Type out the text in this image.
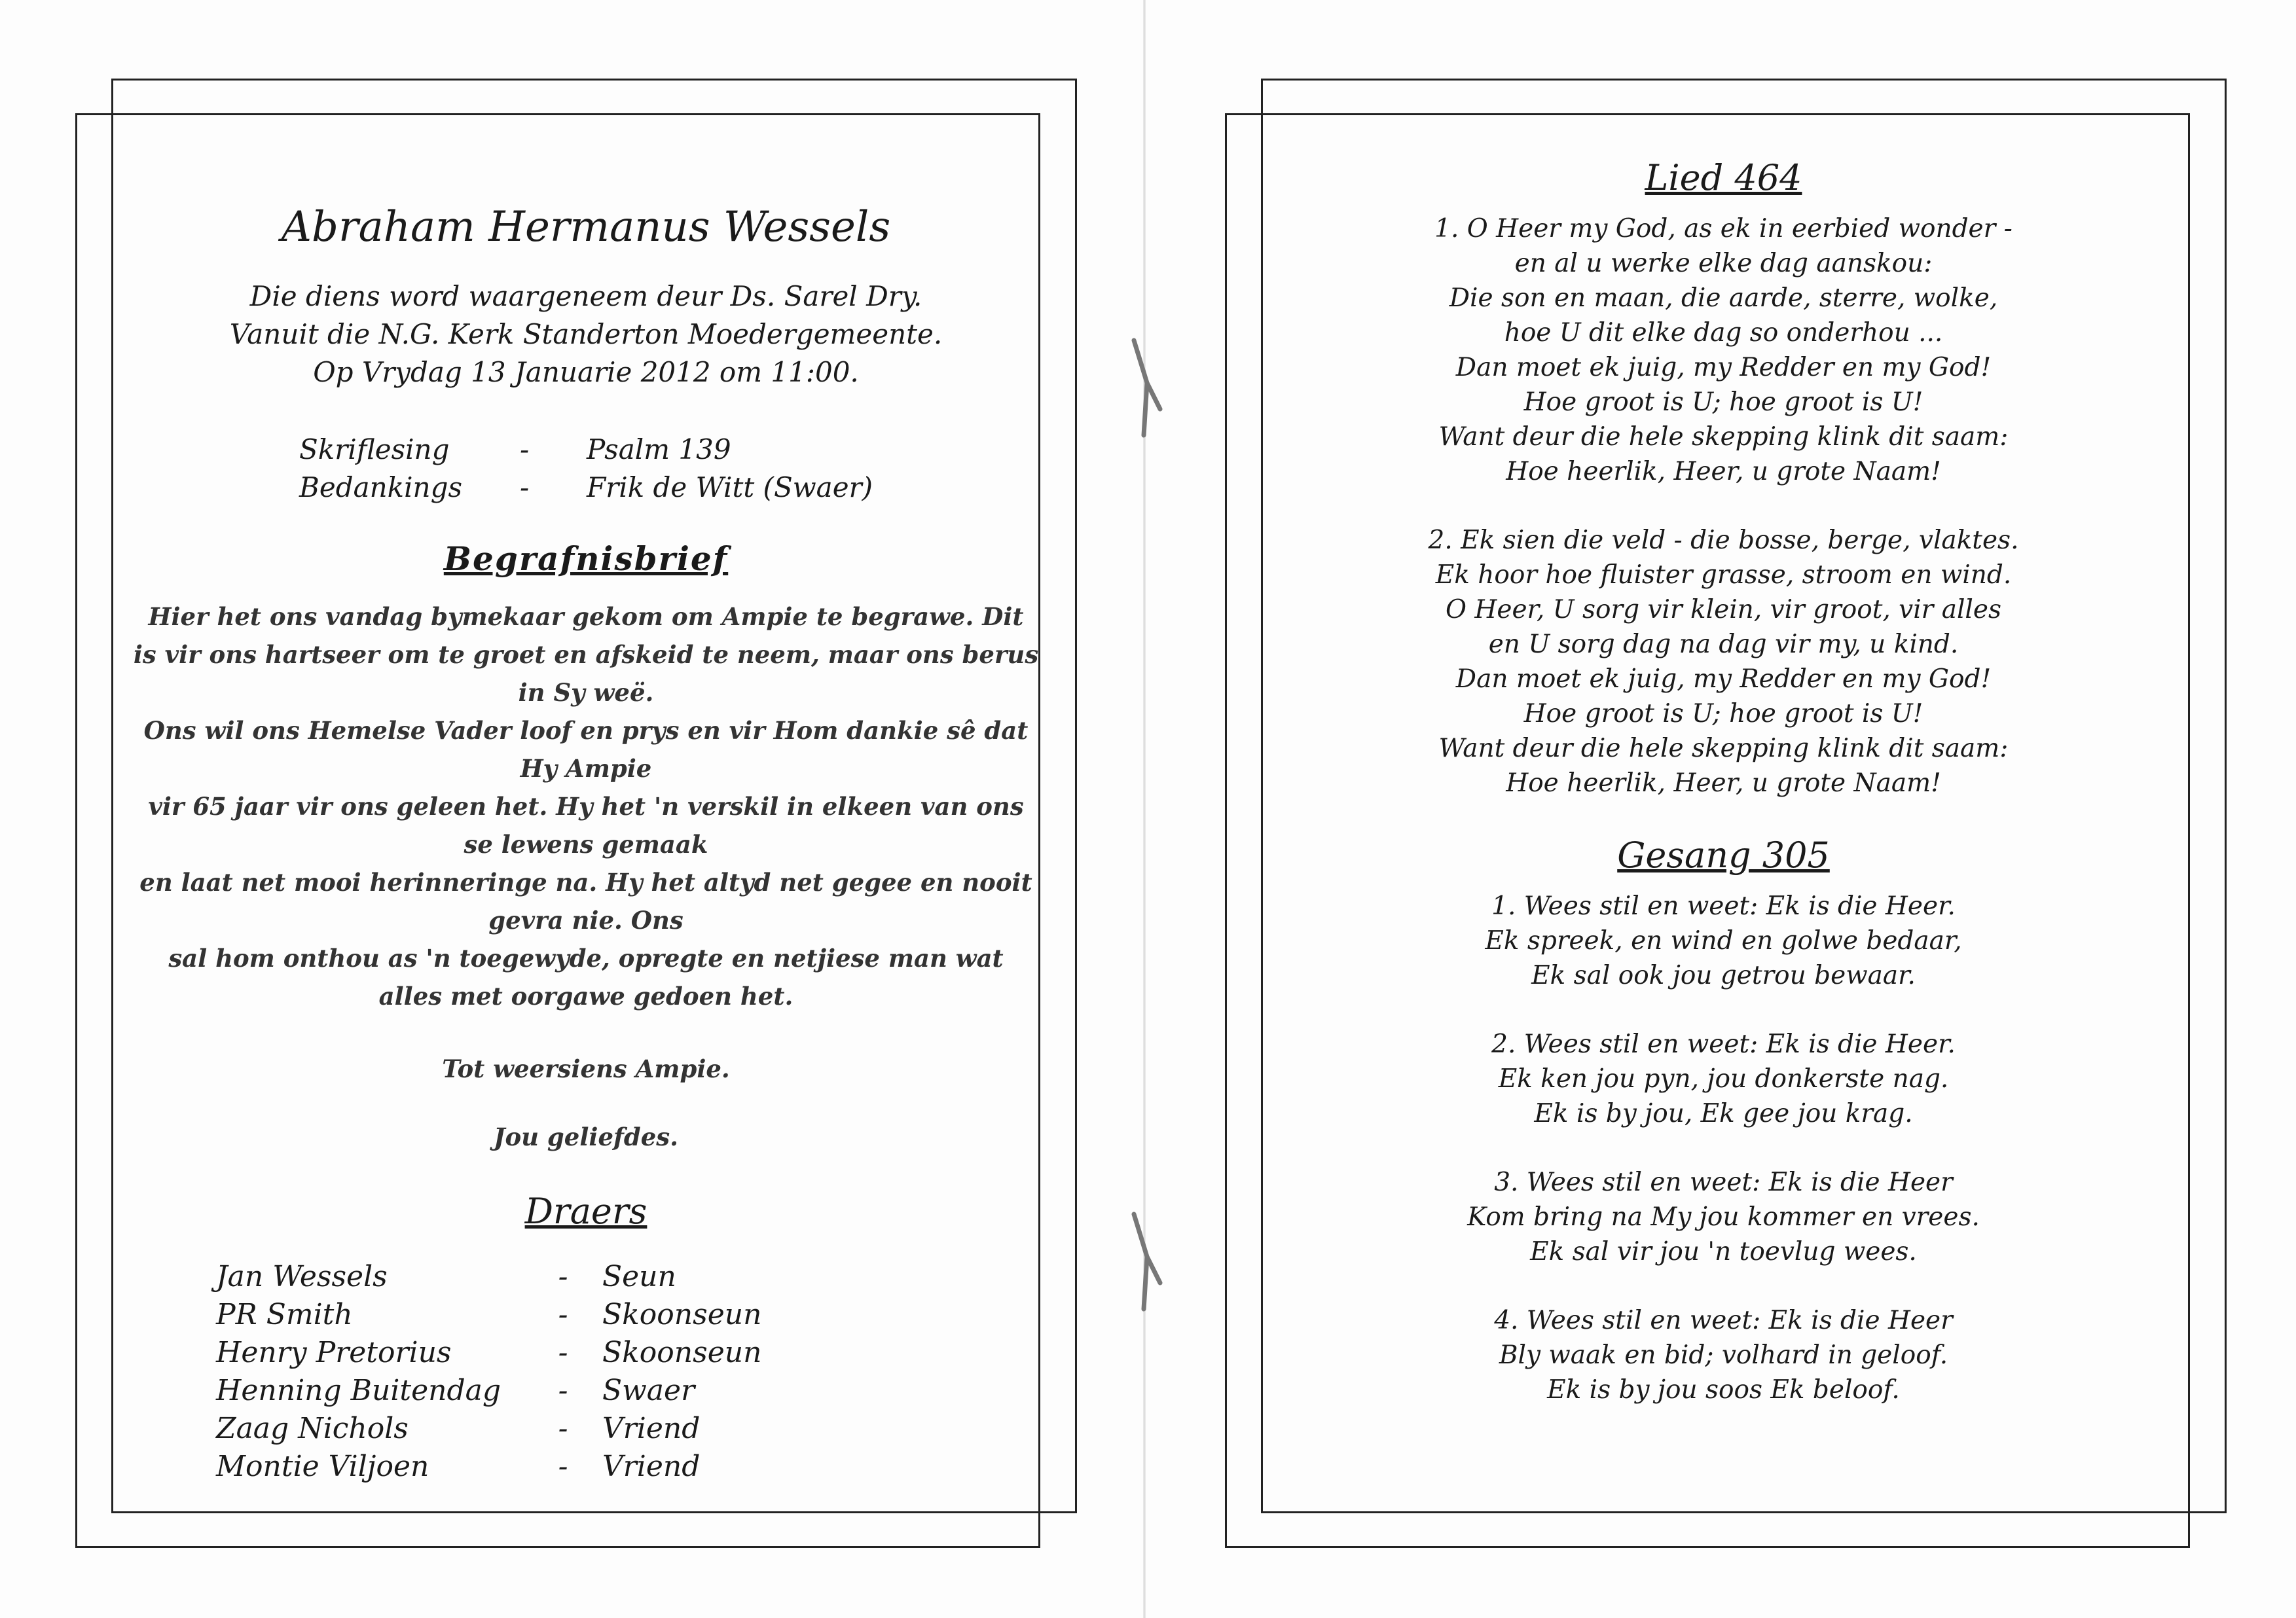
Abraham Hermanus Wessels
Die diens word waargeneem deur Ds. Sarel Dry.
Vanuit die N.G. Kerk Standerton Moedergemeente.
Op Vrydag 13 Januarie 2012 om 11:00.
Skriflesing	-	Psalm 139
Bedankings	-	Frik de Witt (Swaer)
Begrafnisbrief
Hier het ons vandag bymekaar gekom om Ampie te begrawe. Dit
is vir ons hartseer om te groet en afskeid te neem, maar ons berus in Sy weë.
Ons wil ons Hemelse Vader loof en prys en vir Hom dankie sê dat Hy Ampie
vir 65 jaar vir ons geleen het. Hy het 'n verskil in elkeen van ons se lewens gemaak
en laat net mooi herinneringe na. Hy het altyd net gegee en nooit gevra nie. Ons
sal hom onthou as 'n toegewyde, opregte en netjiese man wat
alles met oorgawe gedoen het.
Tot weersiens Ampie.
Jou geliefdes.
Draers
Jan Wessels	-	Seun
PR Smith	-	Skoonseun
Henry Pretorius	-	Skoonseun
Henning Buitendag	-	Swaer
Zaag Nichols	-	Vriend
Montie Viljoen	-	Vriend
Lied 464
1. O Heer my God, as ek in eerbied wonder -
en al u werke elke dag aanskou:
Die son en maan, die aarde, sterre, wolke,
hoe U dit elke dag so onderhou ...
Dan moet ek juig, my Redder en my God!
Hoe groot is U; hoe groot is U!
Want deur die hele skepping klink dit saam:
Hoe heerlik, Heer, u grote Naam!
2. Ek sien die veld - die bosse, berge, vlaktes.
Ek hoor hoe fluister grasse, stroom en wind.
O Heer, U sorg vir klein, vir groot, vir alles
en U sorg dag na dag vir my, u kind.
Dan moet ek juig, my Redder en my God!
Hoe groot is U; hoe groot is U!
Want deur die hele skepping klink dit saam:
Hoe heerlik, Heer, u grote Naam!
Gesang 305
1. Wees stil en weet: Ek is die Heer.
Ek spreek, en wind en golwe bedaar,
Ek sal ook jou getrou bewaar.
2. Wees stil en weet: Ek is die Heer.
Ek ken jou pyn, jou donkerste nag.
Ek is by jou, Ek gee jou krag.
3. Wees stil en weet: Ek is die Heer
Kom bring na My jou kommer en vrees.
Ek sal vir jou 'n toevlug wees.
4. Wees stil en weet: Ek is die Heer
Bly waak en bid; volhard in geloof.
Ek is by jou soos Ek beloof.
